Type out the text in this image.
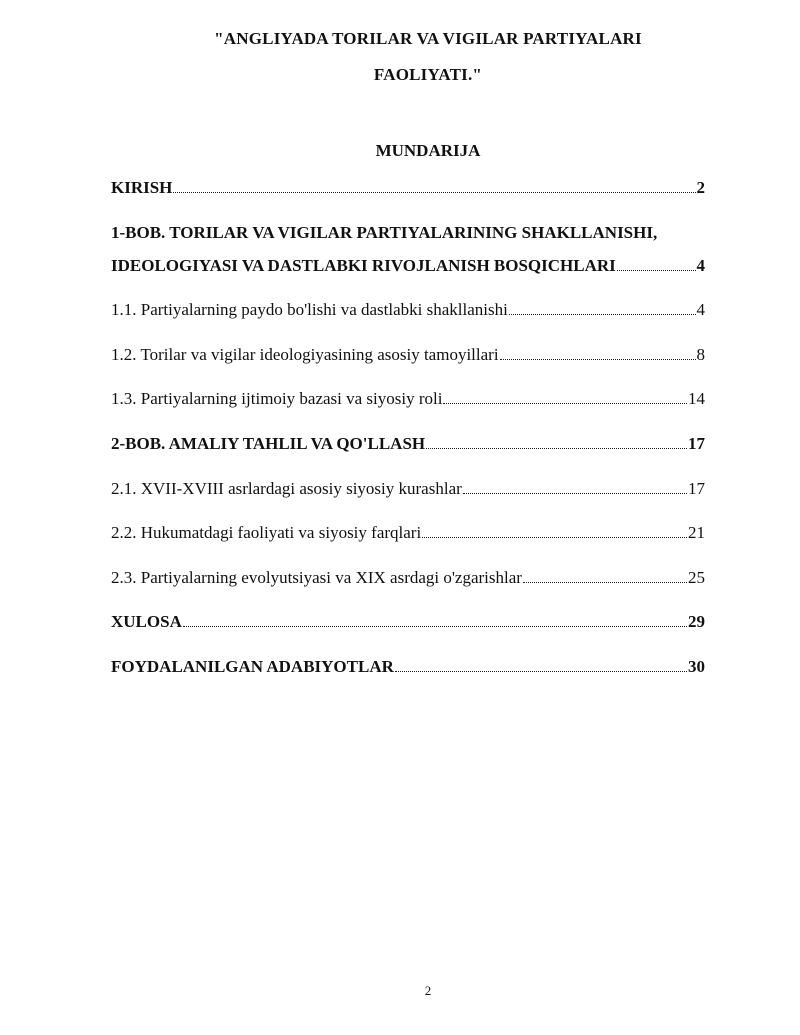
"ANGLIYADA TORILAR VA VIGILAR PARTIYALARI
FAOLIYATI."
MUNDARIJA
KIRISH	2
1-BOB. TORILAR VA VIGILAR PARTIYALARINING SHAKLLANISHI,
IDEOLOGIYASI VA DASTLABKI RIVOJLANISH BOSQICHLARI	4
1.1. Partiyalarning paydo bo'lishi va dastlabki shakllanishi	4
1.2. Torilar va vigilar ideologiyasining asosiy tamoyillari	8
1.3. Partiyalarning ijtimoiy bazasi va siyosiy roli	14
2-BOB. AMALIY TAHLIL VA QO'LLASH	17
2.1. XVII-XVIII asrlardagi asosiy siyosiy kurashlar	17
2.2. Hukumatdagi faoliyati va siyosiy farqlari	21
2.3. Partiyalarning evolyutsiyasi va XIX asrdagi o'zgarishlar	25
XULOSA	29
FOYDALANILGAN ADABIYOTLAR	30
2
